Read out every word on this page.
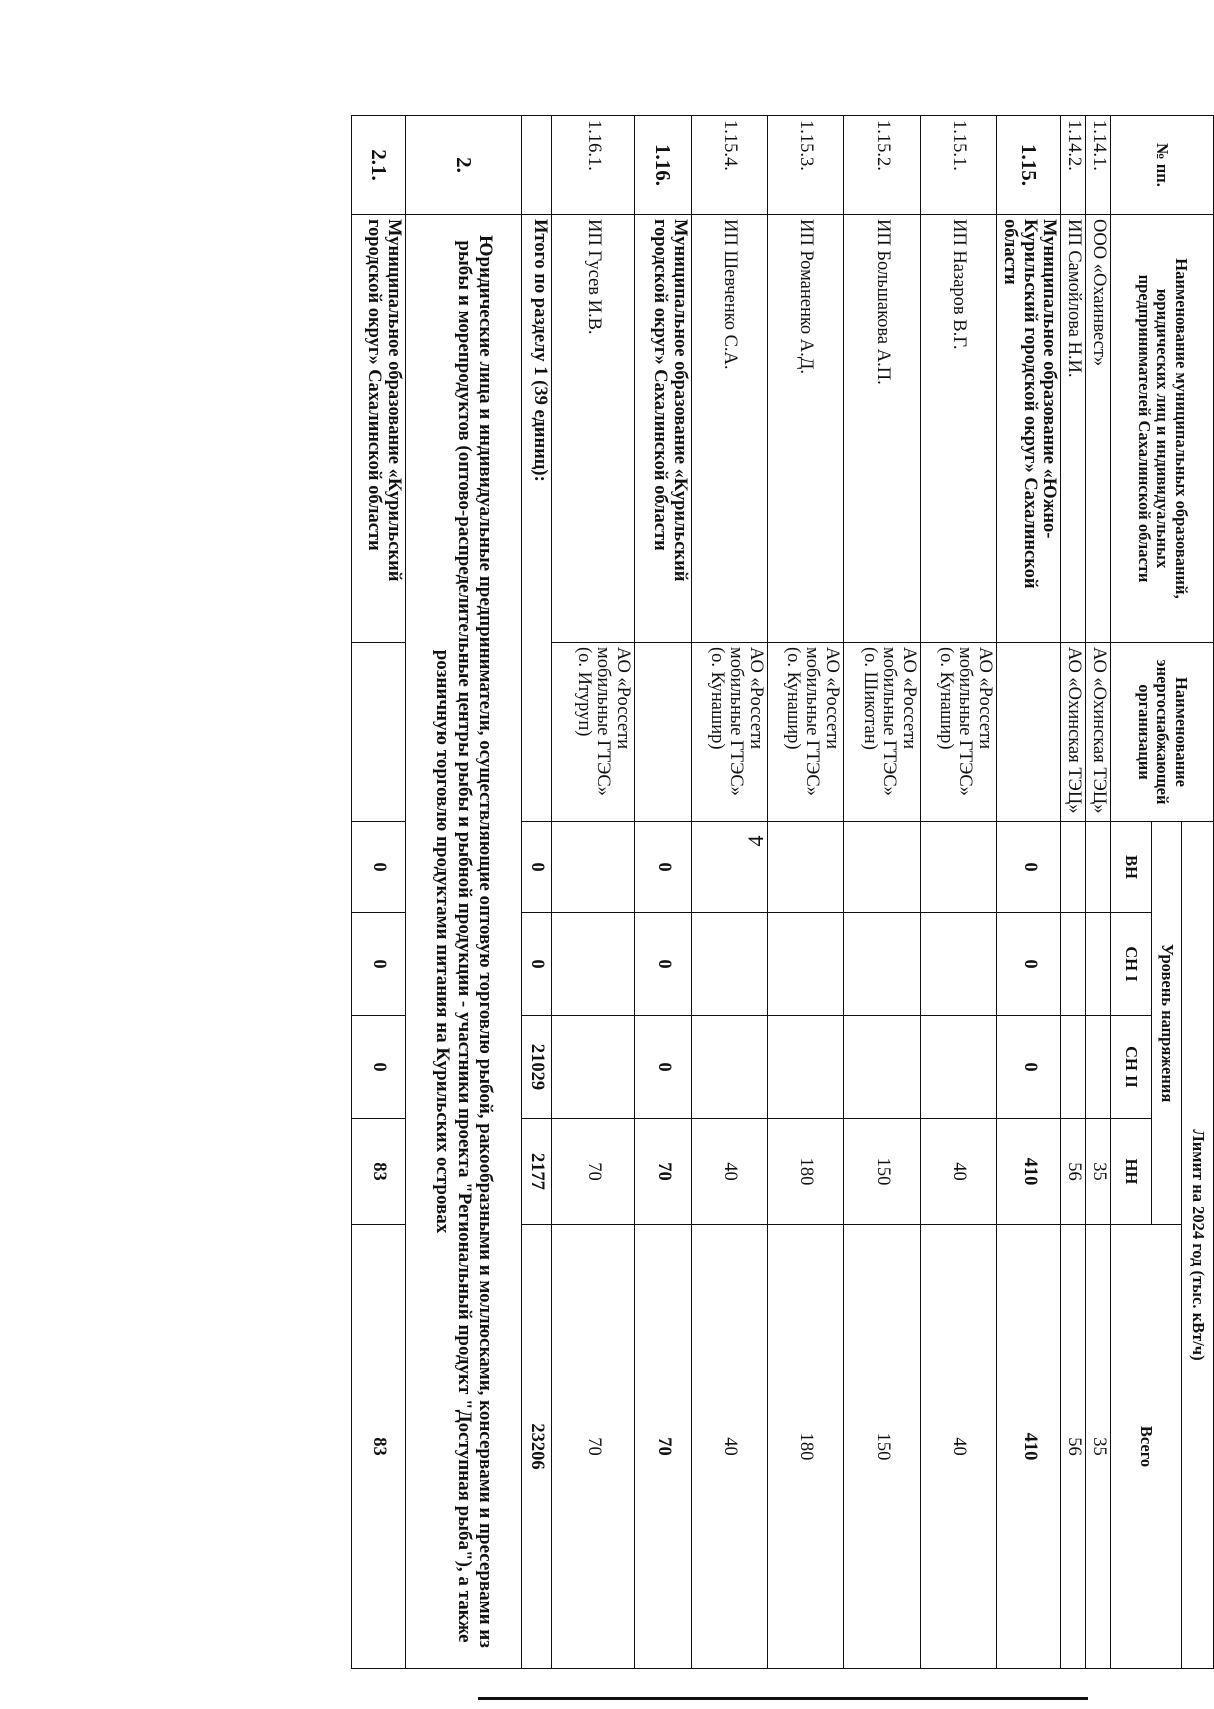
4
№ пп.	Наименование муниципальных образований, юридических лиц и индивидуальных предпринимателей Сахалинской области	Наименование энергоснабжающей организации	Лимит на 2024 год (тыс. кВт/ч)				
			Уровень напряжения				Всего
			ВН	СН I	СН II	НН	
1.14.1.	ООО «Охаинвест»	АО «Охинская ТЭЦ»				35	35
1.14.2.	ИП Самойлова Н.И.	АО «Охинская ТЭЦ»				56	56
1.15.	Муниципальное образование «Южно-Курильский городской округ» Сахалинской области		0	0	0	410	410
1.15.1.	ИП Назаров В.Г.	АО «Россети мобильные ГТЭС» (о. Кунашир)				40	40
1.15.2.	ИП Большакова А.П.	АО «Россети мобильные ГТЭС» (о. Шикотан)				150	150
1.15.3.	ИП Романенко А.Д.	АО «Россети мобильные ГТЭС» (о. Кунашир)				180	180
1.15.4.	ИП Шевченко С.А.	АО «Россети мобильные ГТЭС» (о. Кунашир)				40	40
1.16.	Муниципальное образование «Курильский городской округ» Сахалинской области		0	0	0	70	70
1.16.1.	ИП Гусев И.В.	АО «Россети мобильные ГТЭС» (о. Итуруп)				70	70
	Итого по разделу 1 (39 единиц):		0	0	21029	2177	23206
2.	Юридические лица и индивидуальные предприниматели, осуществляющие оптовую торговлю рыбой, ракообразными и моллюсками, консервами и пресервами из рыбы и морепродуктов (оптово-распределительные центры рыбы и рыбной продукции - участники проекта "Региональный продукт "Доступная рыба"), а также розничную торговлю продуктами питания на Курильских островах						
2.1.	Муниципальное образование «Курильский городской округ» Сахалинской области		0	0	0	83	83
